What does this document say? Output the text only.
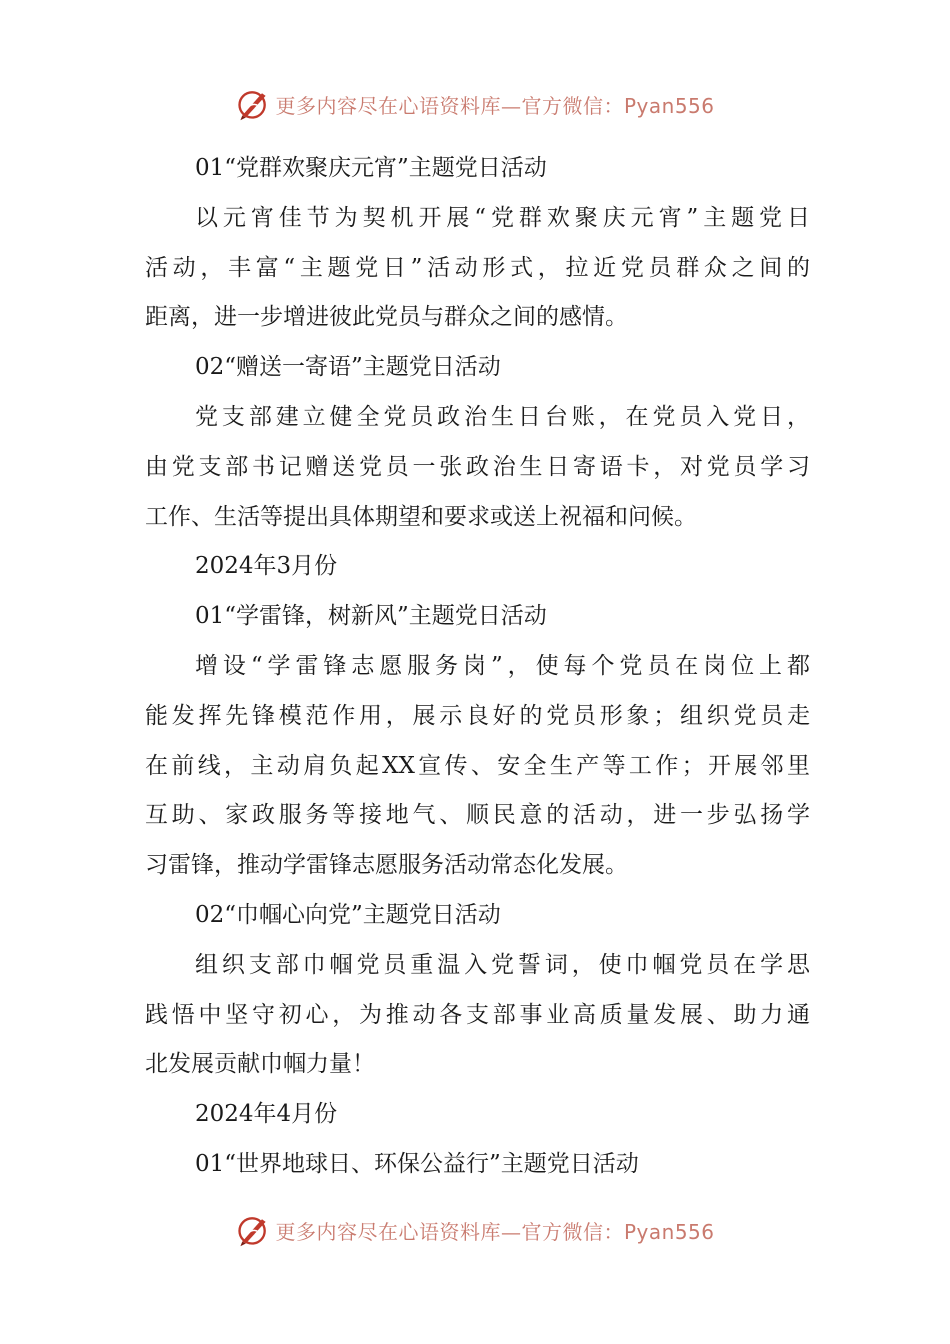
更多内容尽在心语资料库—官方微信：Pyan556
01“党群欢聚庆元宵”主题党日活动
以元宵佳节为契机开展“党群欢聚庆元宵”主题党日
活动，丰富“主题党日”活动形式，拉近党员群众之间的
距离，进一步增进彼此党员与群众之间的感情。
02“赠送一寄语”主题党日活动
党支部建立健全党员政治生日台账，在党员入党日，
由党支部书记赠送党员一张政治生日寄语卡，对党员学习
工作、生活等提出具体期望和要求或送上祝福和问候。
2024年3月份
01“学雷锋，树新风”主题党日活动
增设“学雷锋志愿服务岗”，使每个党员在岗位上都
能发挥先锋模范作用，展示良好的党员形象；组织党员走
在前线，主动肩负起XX宣传、安全生产等工作；开展邻里
互助、家政服务等接地气、顺民意的活动，进一步弘扬学
习雷锋，推动学雷锋志愿服务活动常态化发展。
02“巾帼心向党”主题党日活动
组织支部巾帼党员重温入党誓词，使巾帼党员在学思
践悟中坚守初心，为推动各支部事业高质量发展、助力通
北发展贡献巾帼力量！
2024年4月份
01“世界地球日、环保公益行”主题党日活动
更多内容尽在心语资料库—官方微信：Pyan556
